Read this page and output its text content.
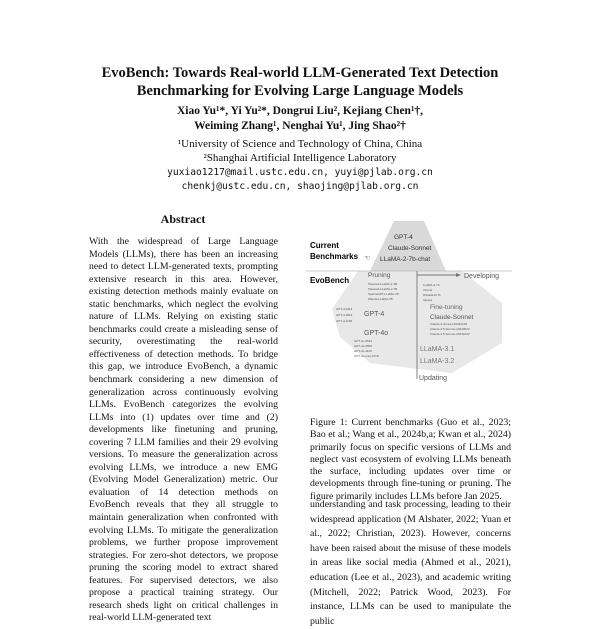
EvoBench: Towards Real-world LLM-Generated Text Detection
Benchmarking for Evolving Large Language Models
Xiao Yu¹*, Yi Yu²*, Dongrui Liu², Kejiang Chen¹†,
Weiming Zhang¹, Nenghai Yu¹, Jing Shao²†
¹University of Science and Technology of China, China
²Shanghai Artificial Intelligence Laboratory
yuxiao1217@mail.ustc.edu.cn, yuyi@pjlab.org.cn
chenkj@ustc.edu.cn, shaojing@pjlab.org.cn
Abstract
With the widespread of Large Language Models (LLMs), there has been an increasing need to detect LLM-generated texts, prompting extensive research in this area. However, existing detection methods mainly evaluate on static benchmarks, which neglect the evolving nature of LLMs. Relying on existing static benchmarks could create a misleading sense of security, overestimating the real-world effectiveness of detection methods. To bridge this gap, we introduce EvoBench, a dynamic benchmark considering a new dimension of generalization across continuously evolving LLMs. EvoBench categorizes the evolving LLMs into (1) updates over time and (2) developments like finetuning and pruning, covering 7 LLM families and their 29 evolving versions. To measure the generalization across evolving LLMs, we introduce a new EMG (Evolving Model Generalization) metric. Our evaluation of 14 detection methods on EvoBench reveals that they all struggle to maintain generalization when confronted with evolving LLMs. To mitigate the generalization problems, we further propose improvement strategies. For zero-shot detectors, we propose pruning the scoring model to extract shared features. For supervised detectors, we also propose a practical training strategy. Our research sheds light on critical challenges in real-world LLM-generated text
Current
Benchmarks
EvoBench
☜
GPT-4
Claude-Sonnet
LLaMA-2-7b-chat
Pruning	Developing
Fine-tuning
Sheared-LLaMA-1.3B
Sheared-LLaMA-2.7B
SparseGPT-LLaMA-7B
Wanda-LLaMA-7B
LLaMA-2-7b
Vicuna
WizardLM-7b
Alpaca
GPT-4-0314
GPT-4-0613
GPT-4-1106
GPT-4	Claude-Sonnet
Claude-3-Sonnet-20240229
Claude-3.5-Sonnet-20240620
Claude-3.5-Sonnet-20241022
GPT-4o
GPT-4o-0513
GPT-4o-0806
GPT-4o-1120
GPT-4o-mini-0718
LLaMA-3.1
LLaMA-3.2
Updating
Figure 1: Current benchmarks (Guo et al., 2023; Bao et al.; Wang et al., 2024b,a; Kwan et al., 2024) primarily focus on specific versions of LLMs and neglect vast ecosystem of evolving LLMs beneath the surface, including updates over time or developments through fine-tuning or pruning. The figure primarily includes LLMs before Jan 2025.
understanding and task processing, leading to their widespread application (M Alshater, 2022; Yuan et al., 2022; Christian, 2023). However, concerns have been raised about the misuse of these models in areas like social media (Ahmed et al., 2021), education (Lee et al., 2023), and academic writing (Mitchell, 2022; Patrick Wood, 2023). For instance, LLMs can be used to manipulate the public
